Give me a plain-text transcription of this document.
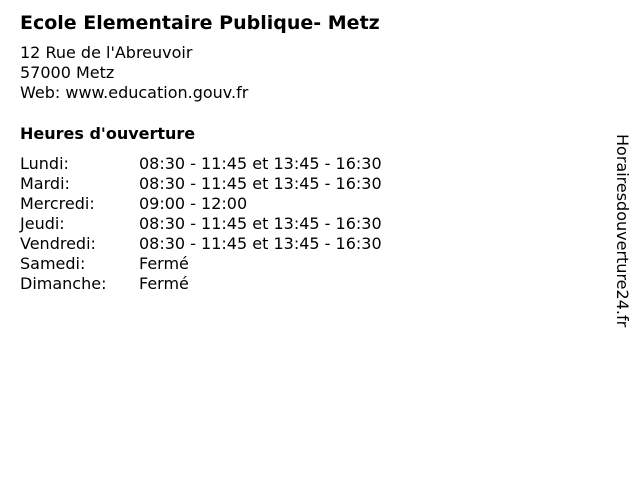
Ecole Elementaire Publique- Metz
12 Rue de l'Abreuvoir
57000 Metz
Web: www.education.gouv.fr
Heures d'ouverture
Lundi:	08:30 - 11:45 et 13:45 - 16:30
Mardi:	08:30 - 11:45 et 13:45 - 16:30
Mercredi:	09:00 - 12:00
Jeudi:	08:30 - 11:45 et 13:45 - 16:30
Vendredi:	08:30 - 11:45 et 13:45 - 16:30
Samedi:	Fermé
Dimanche:	Fermé	Horairesdouverture24.fr
